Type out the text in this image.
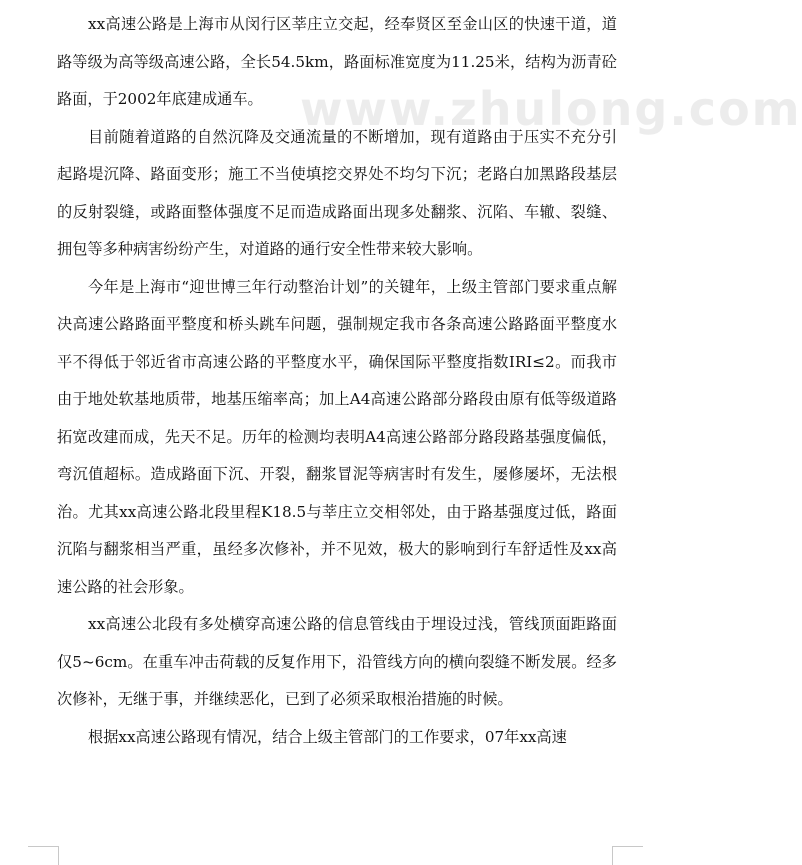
www.zhulong.com

xx高速公路是上海市从闵行区莘庄立交起，经奉贤区至金山区的快速干道，道路等级为高等级高速公路，全长54.5km，路面标准宽度为11.25米，结构为沥青砼路面，于2002年底建成通车。

目前随着道路的自然沉降及交通流量的不断增加，现有道路由于压实不充分引起路堤沉降、路面变形；施工不当使填挖交界处不均匀下沉；老路白加黑路段基层的反射裂缝，或路面整体强度不足而造成路面出现多处翻浆、沉陷、车辙、裂缝、拥包等多种病害纷纷产生，对道路的通行安全性带来较大影响。

今年是上海市“迎世博三年行动整治计划”的关键年，上级主管部门要求重点解决高速公路路面平整度和桥头跳车问题，强制规定我市各条高速公路路面平整度水平不得低于邻近省市高速公路的平整度水平，确保国际平整度指数IRI≤2。而我市由于地处软基地质带，地基压缩率高；加上A4高速公路部分路段由原有低等级道路拓宽改建而成，先天不足。历年的检测均表明A4高速公路部分路段路基强度偏低，弯沉值超标。造成路面下沉、开裂，翻浆冒泥等病害时有发生，屡修屡坏，无法根治。尤其xx高速公路北段里程K18.5与莘庄立交相邻处，由于路基强度过低，路面沉陷与翻浆相当严重，虽经多次修补，并不见效，极大的影响到行车舒适性及xx高速公路的社会形象。

xx高速公北段有多处横穿高速公路的信息管线由于埋设过浅，管线顶面距路面仅5~6cm。在重车冲击荷载的反复作用下，沿管线方向的横向裂缝不断发展。经多次修补，无继于事，并继续恶化，已到了必须采取根治措施的时候。

根据xx高速公路现有情况，结合上级主管部门的工作要求，07年xx高速
